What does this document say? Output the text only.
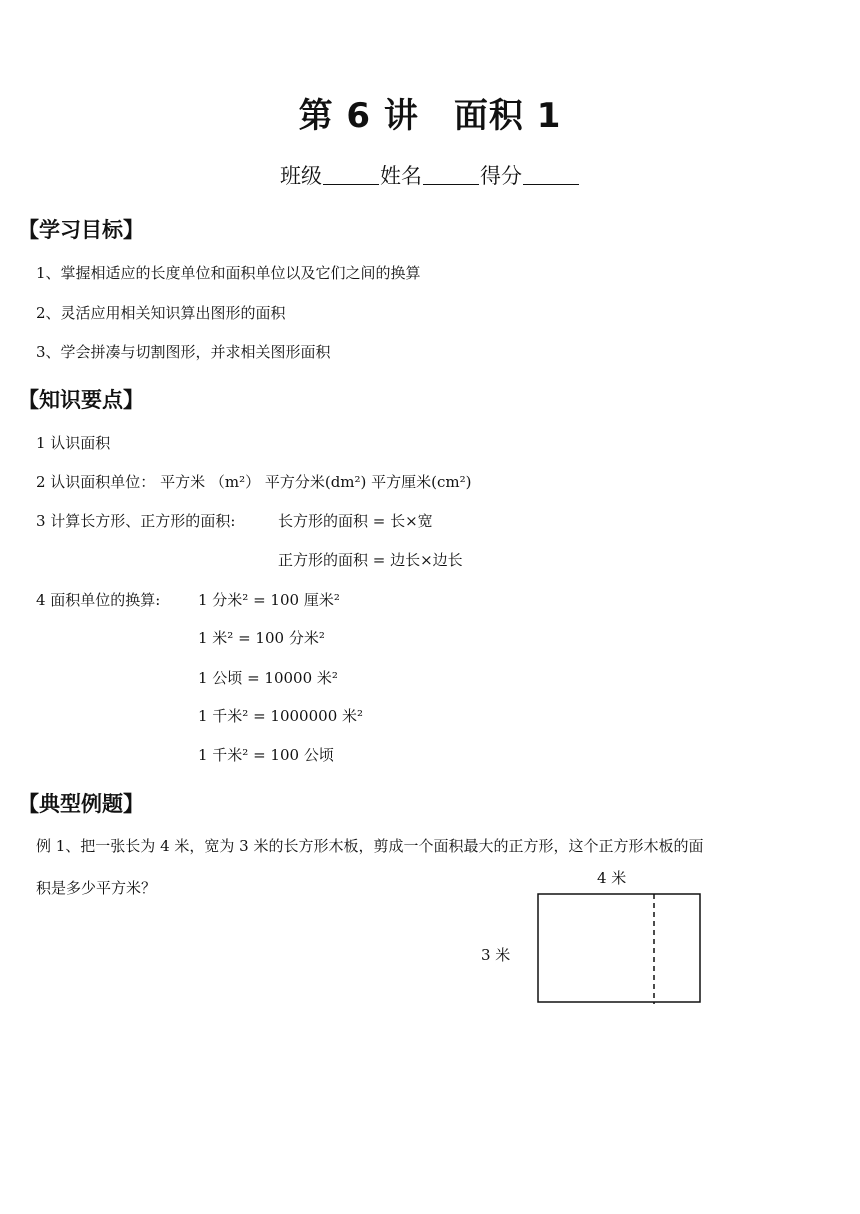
第 6 讲　面积 1
班级	姓名	得分
【学习目标】
1、掌握相适应的长度单位和面积单位以及它们之间的换算
2、灵活应用相关知识算出图形的面积
3、学会拼凑与切割图形，并求相关图形面积
【知识要点】
1 认识面积
2 认识面积单位： 平方米 （m²） 平方分米(dm²) 平方厘米(cm²)
3 计算长方形、正方形的面积:	长方形的面积 = 长×宽
正方形的面积 = 边长×边长
4 面积单位的换算:	1 分米² = 100 厘米²
1 米² = 100 分米²
1 公顷 = 10000 米²
1 千米² = 1000000 米²
1 千米² = 100 公顷
【典型例题】
例 1、把一张长为 4 米，宽为 3 米的长方形木板，剪成一个面积最大的正方形，这个正方形木板的面
积是多少平方米？
4 米
3 米
